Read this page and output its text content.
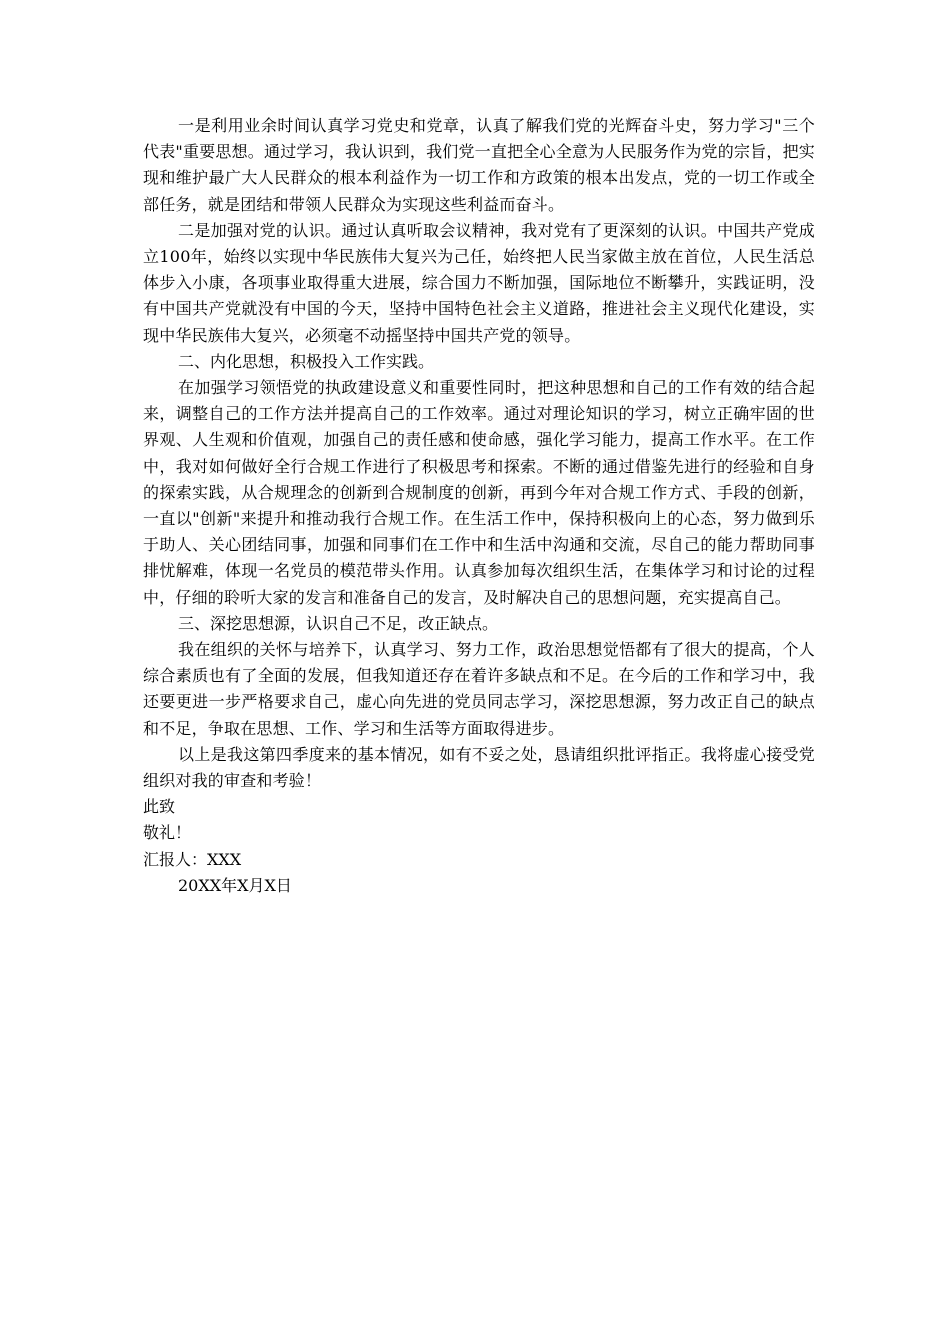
一是利用业余时间认真学习党史和党章，认真了解我们党的光辉奋斗史，努力学习"三个代表"重要思想。通过学习，我认识到，我们党一直把全心全意为人民服务作为党的宗旨，把实现和维护最广大人民群众的根本利益作为一切工作和方政策的根本出发点，党的一切工作或全部任务，就是团结和带领人民群众为实现这些利益而奋斗。

二是加强对党的认识。通过认真听取会议精神，我对党有了更深刻的认识。中国共产党成立100年，始终以实现中华民族伟大复兴为己任，始终把人民当家做主放在首位，人民生活总体步入小康，各项事业取得重大进展，综合国力不断加强，国际地位不断攀升，实践证明，没有中国共产党就没有中国的今天，坚持中国特色社会主义道路，推进社会主义现代化建设，实现中华民族伟大复兴，必须毫不动摇坚持中国共产党的领导。

二、内化思想，积极投入工作实践。

在加强学习领悟党的执政建设意义和重要性同时，把这种思想和自己的工作有效的结合起来，调整自己的工作方法并提高自己的工作效率。通过对理论知识的学习，树立正确牢固的世界观、人生观和价值观，加强自己的责任感和使命感，强化学习能力，提高工作水平。在工作中，我对如何做好全行合规工作进行了积极思考和探索。不断的通过借鉴先进行的经验和自身的探索实践，从合规理念的创新到合规制度的创新，再到今年对合规工作方式、手段的创新，一直以"创新"来提升和推动我行合规工作。在生活工作中，保持积极向上的心态，努力做到乐于助人、关心团结同事，加强和同事们在工作中和生活中沟通和交流，尽自己的能力帮助同事排忧解难，体现一名党员的模范带头作用。认真参加每次组织生活，在集体学习和讨论的过程中，仔细的聆听大家的发言和准备自己的发言，及时解决自己的思想问题，充实提高自己。

三、深挖思想源，认识自己不足，改正缺点。

我在组织的关怀与培养下，认真学习、努力工作，政治思想觉悟都有了很大的提高，个人综合素质也有了全面的发展，但我知道还存在着许多缺点和不足。在今后的工作和学习中，我还要更进一步严格要求自己，虚心向先进的党员同志学习，深挖思想源，努力改正自己的缺点和不足，争取在思想、工作、学习和生活等方面取得进步。

以上是我这第四季度来的基本情况，如有不妥之处，恳请组织批评指正。我将虚心接受党组织对我的审查和考验！

此致

敬礼！

汇报人：XXX

20XX年X月X日
